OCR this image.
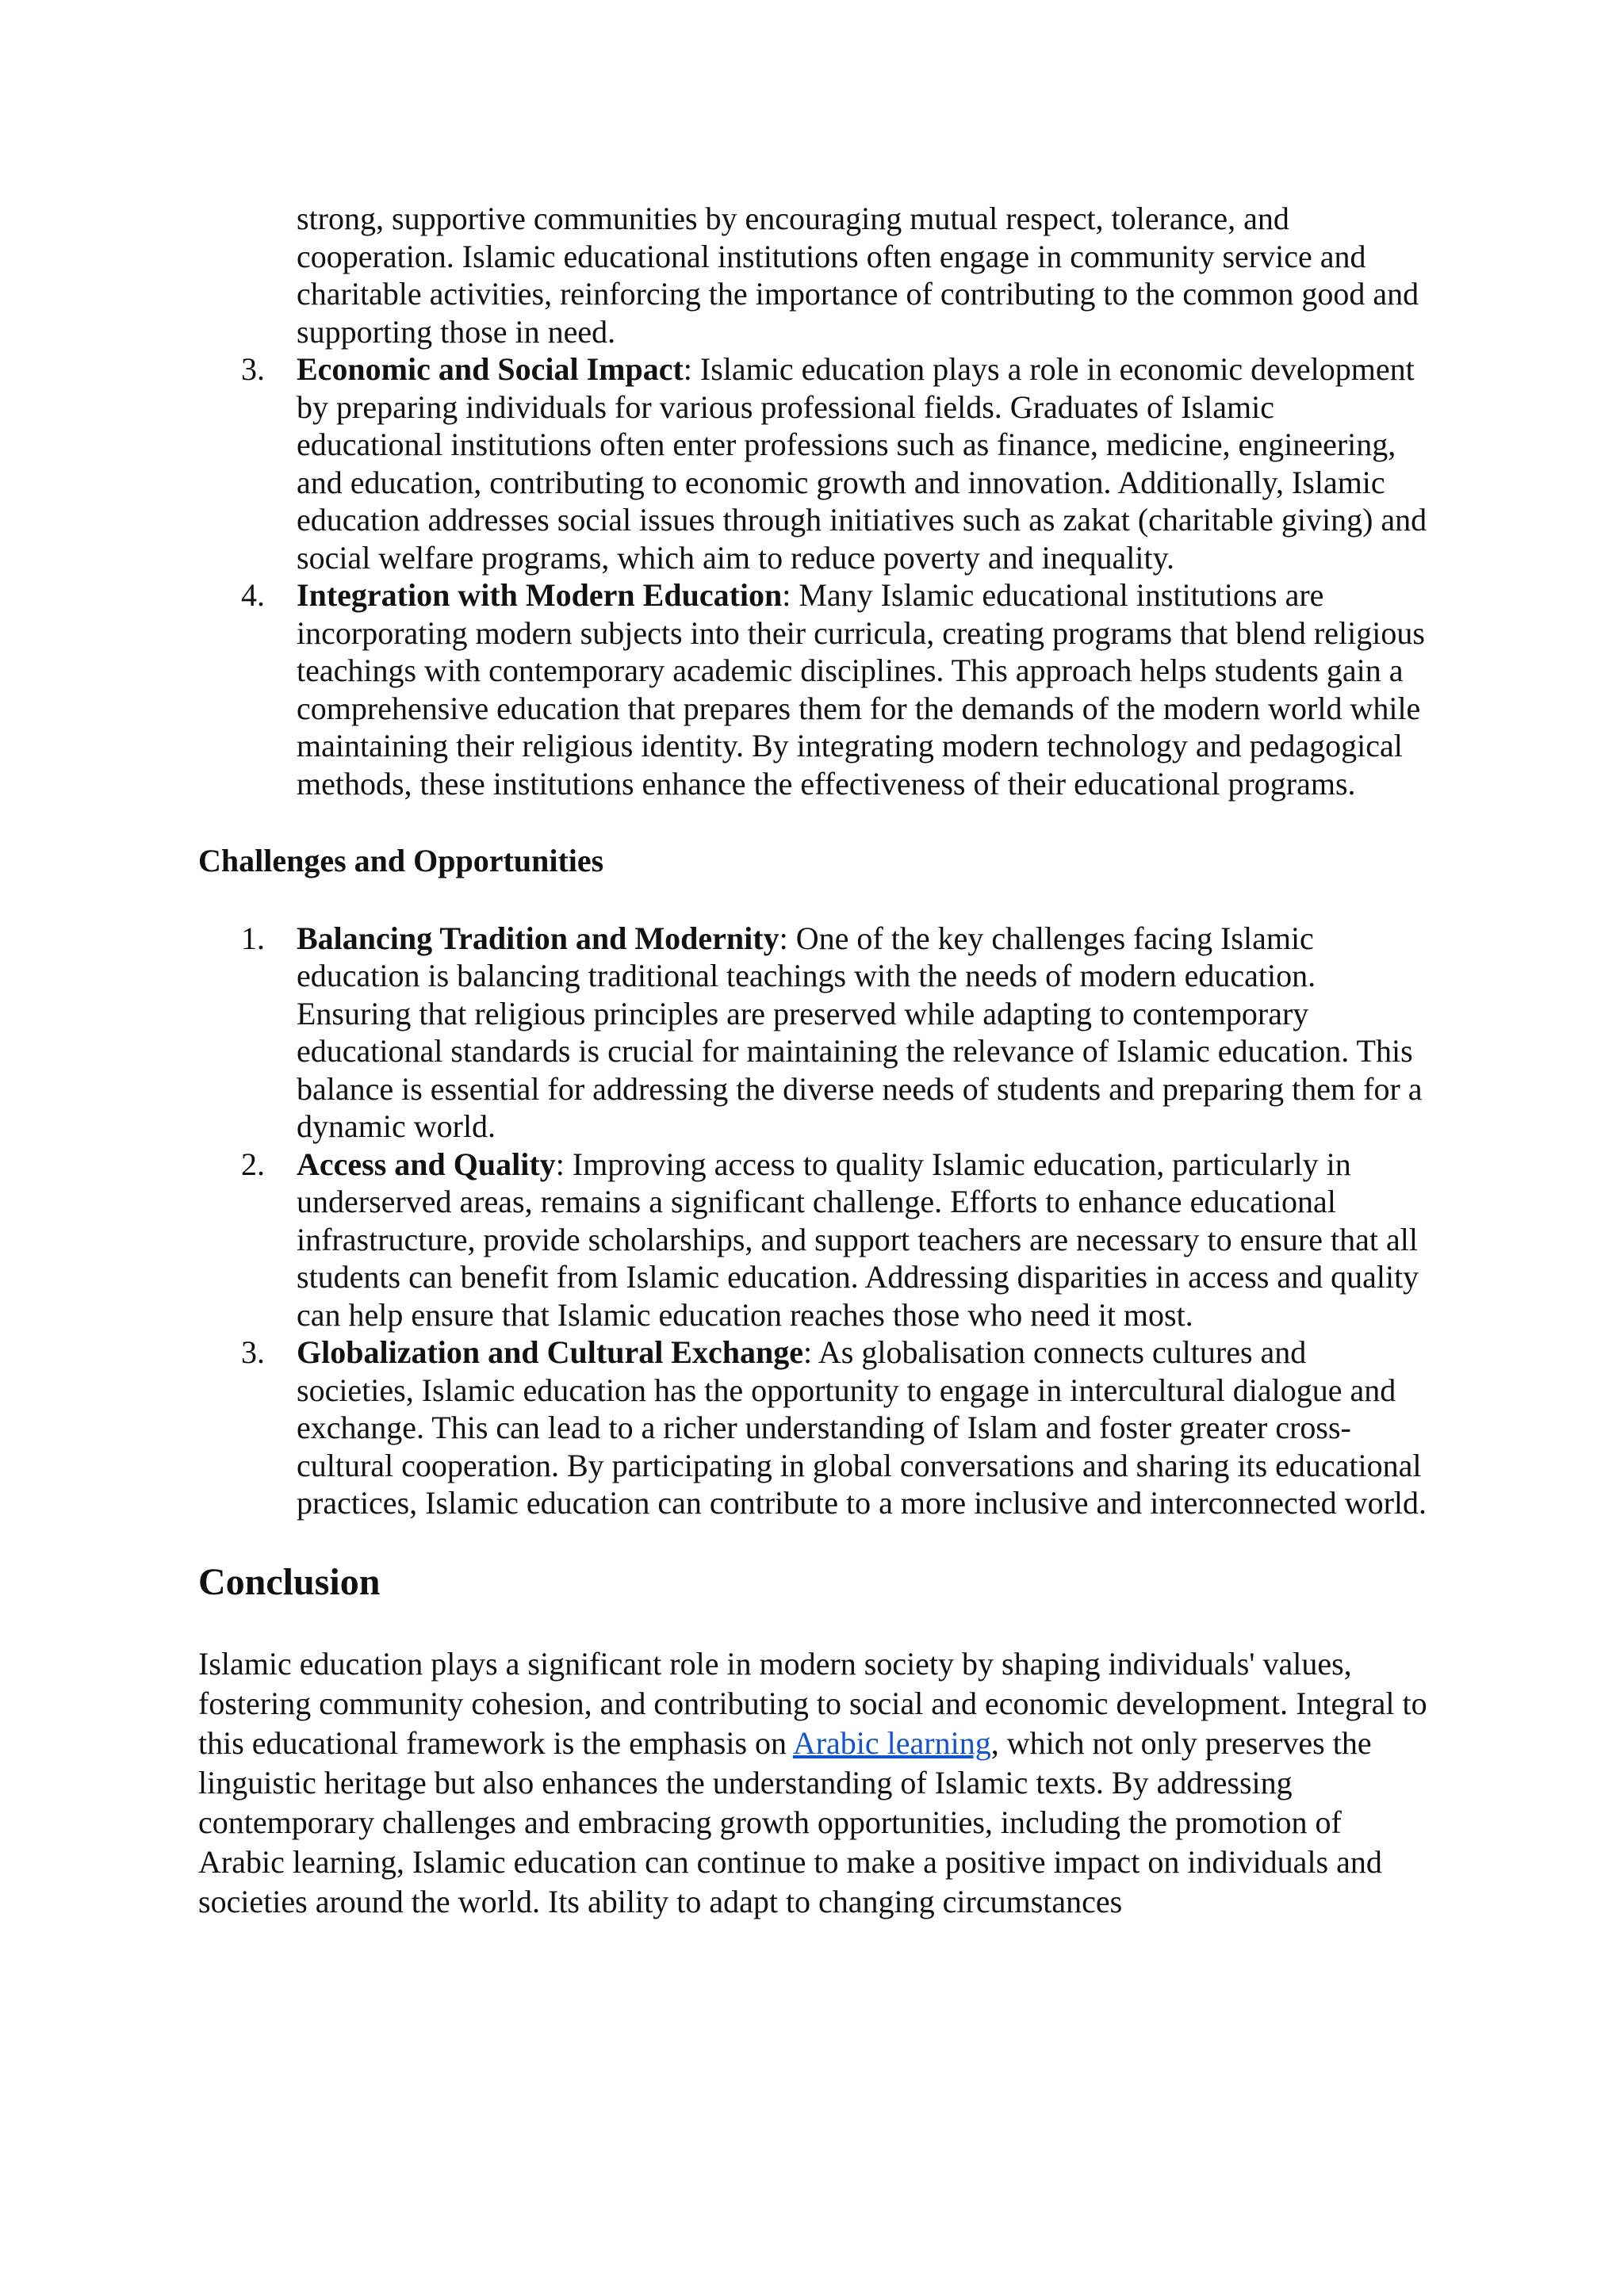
strong, supportive communities by encouraging mutual respect, tolerance, and cooperation. Islamic educational institutions often engage in community service and charitable activities, reinforcing the importance of contributing to the common good and supporting those in need.

3. Economic and Social Impact: Islamic education plays a role in economic development by preparing individuals for various professional fields. Graduates of Islamic educational institutions often enter professions such as finance, medicine, engineering, and education, contributing to economic growth and innovation. Additionally, Islamic education addresses social issues through initiatives such as zakat (charitable giving) and social welfare programs, which aim to reduce poverty and inequality.
4. Integration with Modern Education: Many Islamic educational institutions are incorporating modern subjects into their curricula, creating programs that blend religious teachings with contemporary academic disciplines. This approach helps students gain a comprehensive education that prepares them for the demands of the modern world while maintaining their religious identity. By integrating modern technology and pedagogical methods, these institutions enhance the effectiveness of their educational programs.
Challenges and Opportunities
1. Balancing Tradition and Modernity: One of the key challenges facing Islamic education is balancing traditional teachings with the needs of modern education. Ensuring that religious principles are preserved while adapting to contemporary educational standards is crucial for maintaining the relevance of Islamic education. This balance is essential for addressing the diverse needs of students and preparing them for a dynamic world.
2. Access and Quality: Improving access to quality Islamic education, particularly in underserved areas, remains a significant challenge. Efforts to enhance educational infrastructure, provide scholarships, and support teachers are necessary to ensure that all students can benefit from Islamic education. Addressing disparities in access and quality can help ensure that Islamic education reaches those who need it most.
3. Globalization and Cultural Exchange: As globalisation connects cultures and societies, Islamic education has the opportunity to engage in intercultural dialogue and exchange. This can lead to a richer understanding of Islam and foster greater cross-cultural cooperation. By participating in global conversations and sharing its educational practices, Islamic education can contribute to a more inclusive and interconnected world.
Conclusion

Islamic education plays a significant role in modern society by shaping individuals' values, fostering community cohesion, and contributing to social and economic development. Integral to this educational framework is the emphasis on Arabic learning, which not only preserves the linguistic heritage but also enhances the understanding of Islamic texts. By addressing contemporary challenges and embracing growth opportunities, including the promotion of Arabic learning, Islamic education can continue to make a positive impact on individuals and societies around the world. Its ability to adapt to changing circumstances
